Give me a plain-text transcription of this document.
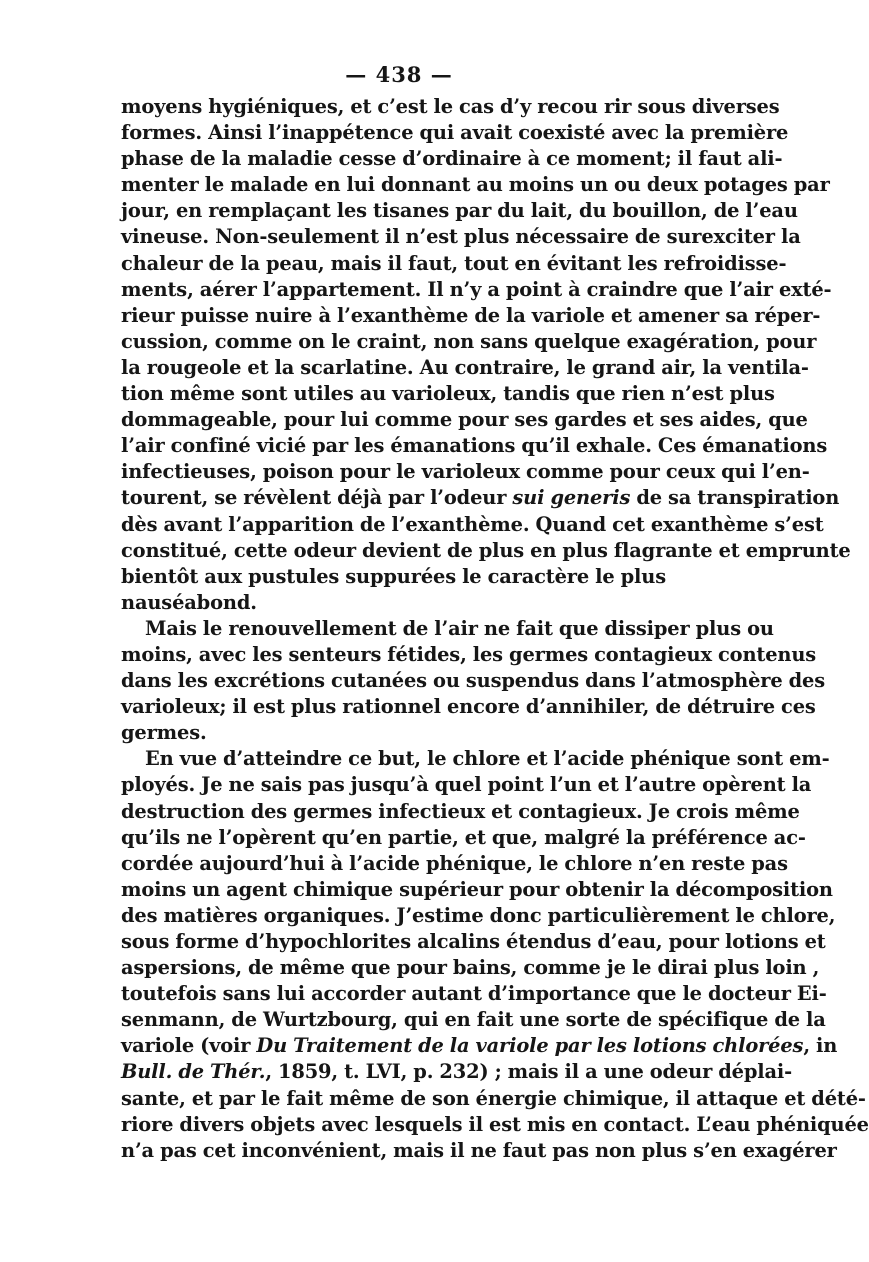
— 438 —

moyens hygiéniques, et c’est le cas d’y recou rir sous diverses
formes. Ainsi l’inappétence qui avait coexisté avec la première
phase de la maladie cesse d’ordinaire à ce moment; il faut ali-
menter le malade en lui donnant au moins un ou deux potages par
jour, en remplaçant les tisanes par du lait, du bouillon, de l’eau
vineuse. Non-seulement il n’est plus nécessaire de surexciter la
chaleur de la peau, mais il faut, tout en évitant les refroidisse-
ments, aérer l’appartement. Il n’y a point à craindre que l’air exté-
rieur puisse nuire à l’exanthème de la variole et amener sa réper-
cussion, comme on le craint, non sans quelque exagération, pour
la rougeole et la scarlatine. Au contraire, le grand air, la ventila-
tion même sont utiles au varioleux, tandis que rien n’est plus
dommageable, pour lui comme pour ses gardes et ses aides, que
l’air confiné vicié par les émanations qu’il exhale. Ces émanations
infectieuses, poison pour le varioleux comme pour ceux qui l’en-
tourent, se révèlent déjà par l’odeur sui generis de sa transpiration
dès avant l’apparition de l’exanthème. Quand cet exanthème s’est
constitué, cette odeur devient de plus en plus flagrante et emprunte
bientôt aux pustules suppurées le caractère le plus nauséabond.

Mais le renouvellement de l’air ne fait que dissiper plus ou
moins, avec les senteurs fétides, les germes contagieux contenus
dans les excrétions cutanées ou suspendus dans l’atmosphère des
varioleux; il est plus rationnel encore d’annihiler, de détruire ces
germes.

En vue d’atteindre ce but, le chlore et l’acide phénique sont em-
ployés. Je ne sais pas jusqu’à quel point l’un et l’autre opèrent la
destruction des germes infectieux et contagieux. Je crois même
qu’ils ne l’opèrent qu’en partie, et que, malgré la préférence ac-
cordée aujourd’hui à l’acide phénique, le chlore n’en reste pas
moins un agent chimique supérieur pour obtenir la décomposition
des matières organiques. J’estime donc particulièrement le chlore,
sous forme d’hypochlorites alcalins étendus d’eau, pour lotions et
aspersions, de même que pour bains, comme je le dirai plus loin ,
toutefois sans lui accorder autant d’importance que le docteur Ei-
senmann, de Wurtzbourg, qui en fait une sorte de spécifique de la
variole (voir Du Traitement de la variole par les lotions chlorées, in
Bull. de Thér., 1859, t. LVI, p. 232) ; mais il a une odeur déplai-
sante, et par le fait même de son énergie chimique, il attaque et dété-
riore divers objets avec lesquels il est mis en contact. L’eau phéniquée
n’a pas cet inconvénient, mais il ne faut pas non plus s’en exagérer
